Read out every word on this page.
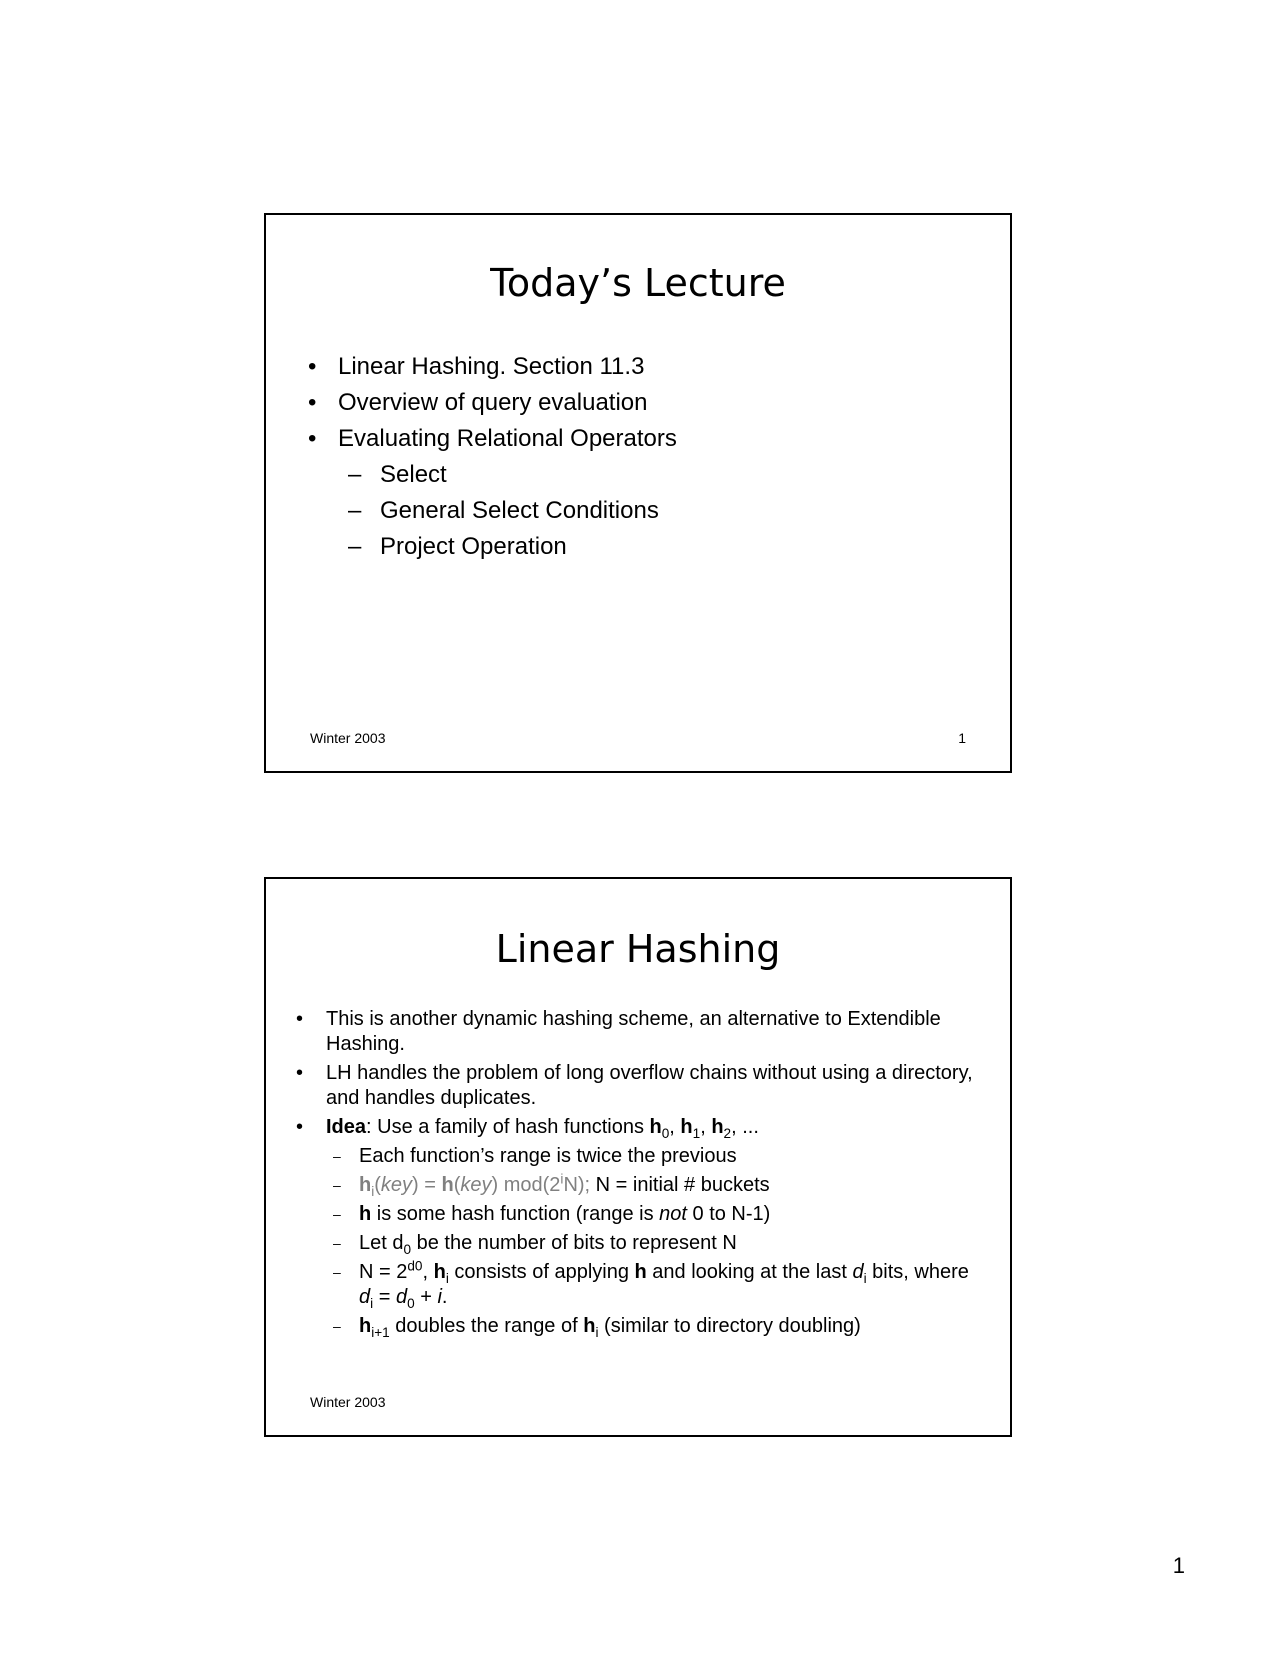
Today’s Lecture
• Linear Hashing. Section 11.3
• Overview of query evaluation
• Evaluating Relational Operators
– Select
– General Select Conditions
– Project Operation
Winter 2003	1
Linear Hashing
• This is another dynamic hashing scheme, an alternative to Extendible Hashing.
• LH handles the problem of long overflow chains without using a directory, and handles duplicates.
• Idea: Use a family of hash functions $h_0$, $h_1$, $h_2$, ...
– Each function’s range is twice the previous
– $h_i(key) = h(key)$ mod(2$^i$N); N = initial # buckets
– h is some hash function (range is not 0 to N-1)
– Let $d_0$ be the number of bits to represent N
– $N = 2^{d0}$, $h_i$ consists of applying h and looking at the last $d_i$ bits, where $d_i = d_0 + i$.
– $h_{i+1}$ doubles the range of $h_i$ (similar to directory doubling)
Winter 2003
1
